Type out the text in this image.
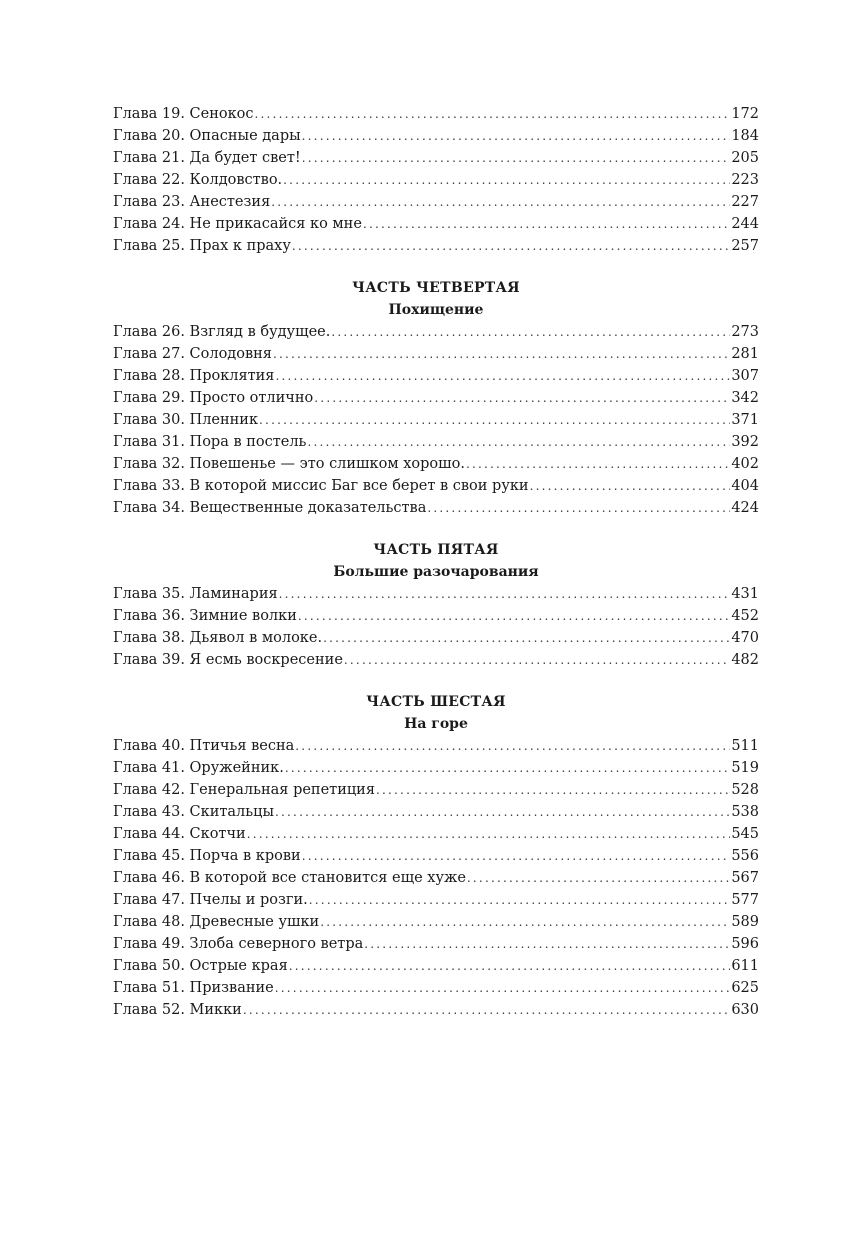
Глава 19. Сенокос .....	172
Глава 20. Опасные дары .....	184
Глава 21. Да будет свет! .....	205
Глава 22. Колдовство. .....	223
Глава 23. Анестезия .....	227
Глава 24. Не прикасайся ко мне .....	244
Глава 25. Прах к праху .....	257
ЧАСТЬ ЧЕТВЕРТАЯ
Похищение
Глава 26. Взгляд в будущее. .....	273
Глава 27. Солодовня .....	281
Глава 28. Проклятия .....	307
Глава 29. Просто отлично .....	342
Глава 30. Пленник .....	371
Глава 31. Пора в постель .....	392
Глава 32. Повешенье — это слишком хорошо. .....	402
Глава 33. В которой миссис Баг все берет в свои руки .....	404
Глава 34. Вещественные доказательства .....	424
ЧАСТЬ ПЯТАЯ
Большие разочарования
Глава 35. Ламинария .....	431
Глава 36. Зимние волки .....	452
Глава 38. Дьявол в молоке. .....	470
Глава 39. Я есмь воскресение .....	482
ЧАСТЬ ШЕСТАЯ
На горе
Глава 40. Птичья весна .....	511
Глава 41. Оружейник. .....	519
Глава 42. Генеральная репетиция .....	528
Глава 43. Скитальцы .....	538
Глава 44. Скотчи .....	545
Глава 45. Порча в крови .....	556
Глава 46. В которой все становится еще хуже .....	567
Глава 47. Пчелы и розги. .....	577
Глава 48. Древесные ушки .....	589
Глава 49. Злоба северного ветра .....	596
Глава 50. Острые края .....	611
Глава 51. Призвание .....	625
Глава 52. Микки .....	630
